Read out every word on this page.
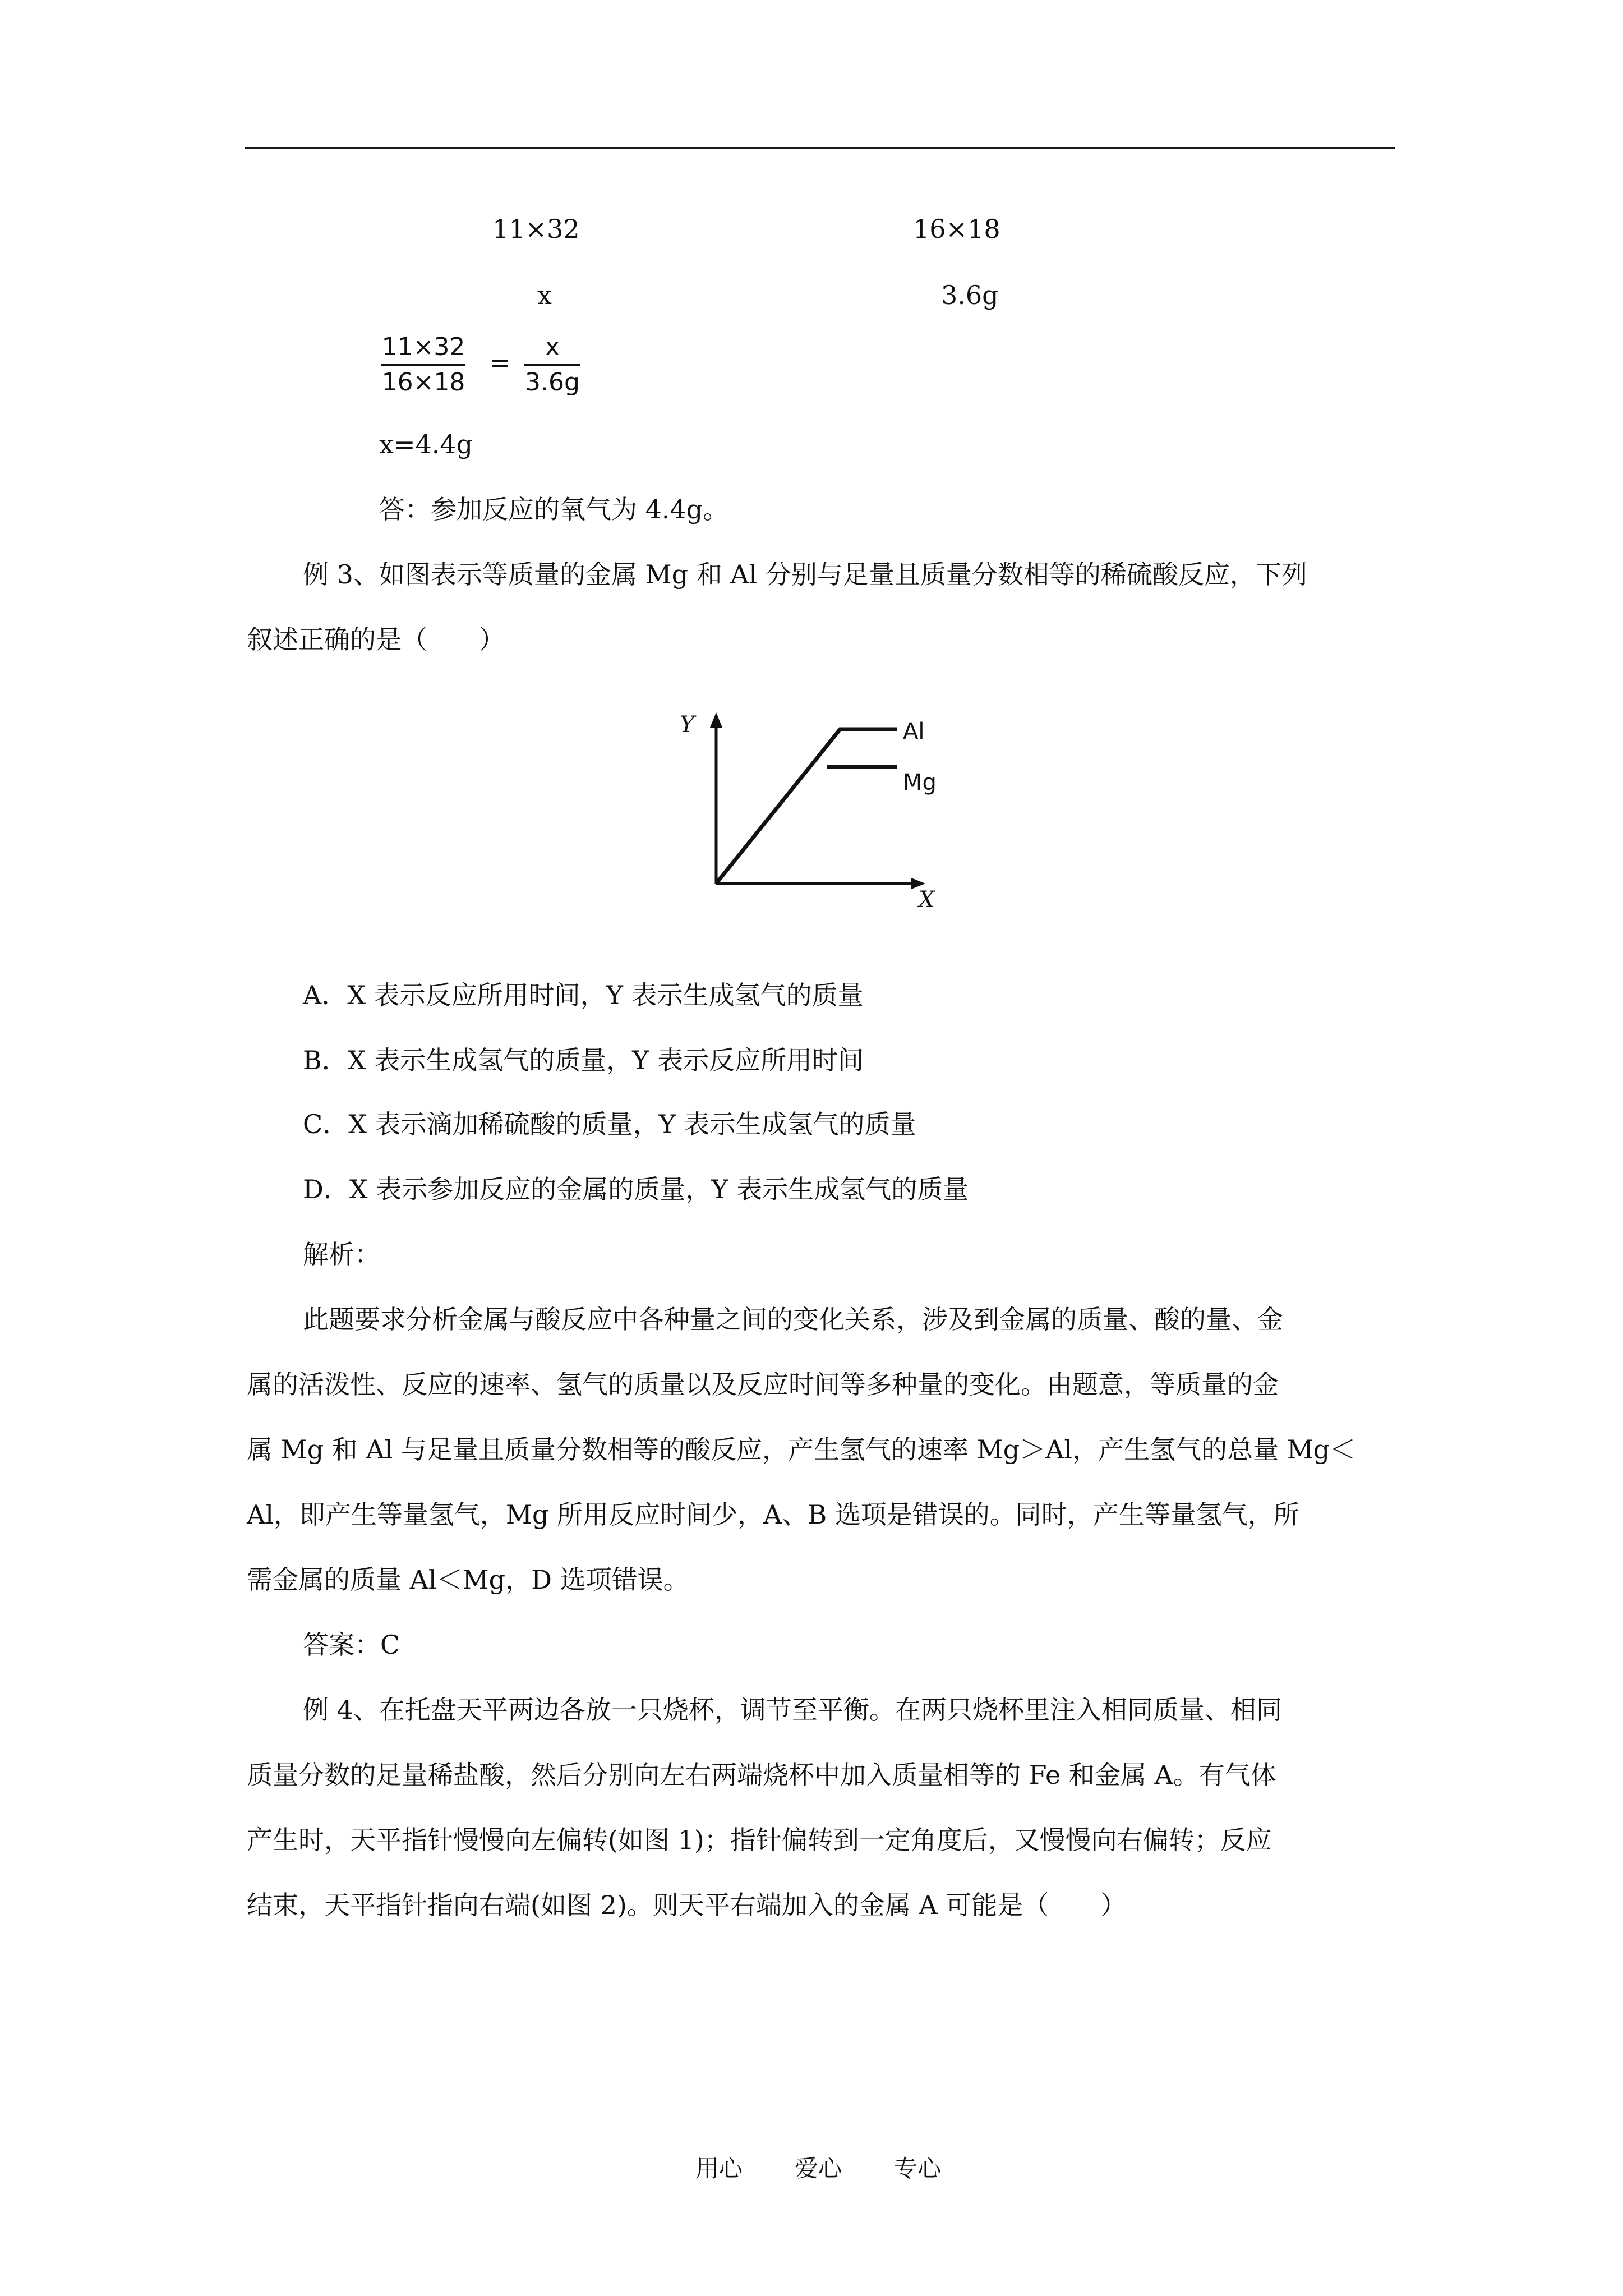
11×32	16×18
x	3.6g
11×32
16×18
=
x
3.6g
x=4.4g
答：参加反应的氧气为 4.4g。
例 3、如图表示等质量的金属 Mg 和 Al 分别与足量且质量分数相等的稀硫酸反应，下列
叙述正确的是（　　）
Y
X
Al
Mg
A．X 表示反应所用时间，Y 表示生成氢气的质量
B．X 表示生成氢气的质量，Y 表示反应所用时间
C．X 表示滴加稀硫酸的质量，Y 表示生成氢气的质量
D．X 表示参加反应的金属的质量，Y 表示生成氢气的质量
解析：
此题要求分析金属与酸反应中各种量之间的变化关系，涉及到金属的质量、酸的量、金
属的活泼性、反应的速率、氢气的质量以及反应时间等多种量的变化。由题意，等质量的金
属 Mg 和 Al 与足量且质量分数相等的酸反应，产生氢气的速率 Mg＞Al，产生氢气的总量 Mg＜
Al，即产生等量氢气，Mg 所用反应时间少，A、B 选项是错误的。同时，产生等量氢气，所
需金属的质量 Al＜Mg，D 选项错误。
答案：C
例 4、在托盘天平两边各放一只烧杯，调节至平衡。在两只烧杯里注入相同质量、相同
质量分数的足量稀盐酸，然后分别向左右两端烧杯中加入质量相等的 Fe 和金属 A。有气体
产生时，天平指针慢慢向左偏转(如图 1)；指针偏转到一定角度后，又慢慢向右偏转；反应
结束，天平指针指向右端(如图 2)。则天平右端加入的金属 A 可能是（　　）
用心 爱心 专心
